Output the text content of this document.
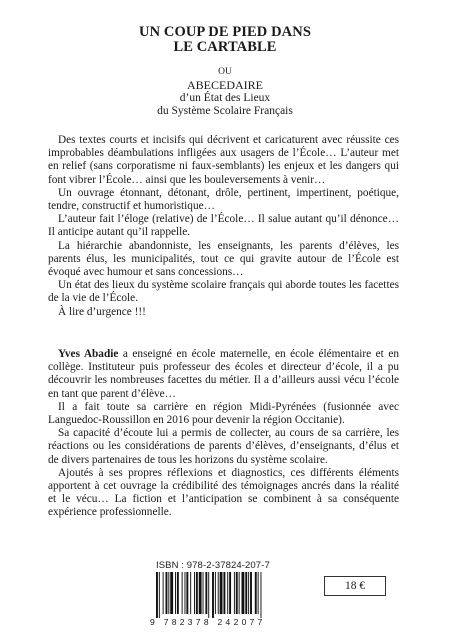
UN COUP DE PIED DANS
LE CARTABLE
OU
ABECEDAIRE
d’un État des Lieux
du Système Scolaire Français

Des textes courts et incisifs qui décrivent et caricaturent avec réussite ces improbables déambulations infligées aux usagers de l’École… L’auteur met en relief (sans corporatisme ni faux-semblants) les enjeux et les dangers qui font vibrer l’École… ainsi que les bouleversements à venir…

Un ouvrage étonnant, détonant, drôle, pertinent, impertinent, poétique, tendre, constructif et humoristique…

L’auteur fait l’éloge (relative) de l’École… Il salue autant qu’il dénonce… Il anticipe autant qu’il rappelle.

La hiérarchie abandonniste, les enseignants, les parents d’élèves, les parents élus, les municipalités, tout ce qui gravite autour de l’École est évoqué avec humour et sans concessions…

Un état des lieux du système scolaire français qui aborde toutes les facettes de la vie de l’École.

À lire d’urgence !!!

Yves Abadie a enseigné en école maternelle, en école élémentaire et en collège. Instituteur puis professeur des écoles et directeur d’école, il a pu découvrir les nombreuses facettes du métier. Il a d’ailleurs aussi vécu l’école en tant que parent d’élève…

Il a fait toute sa carrière en région Midi-Pyrénées (fusionnée avec Languedoc-Roussillon en 2016 pour devenir la région Occitanie).

Sa capacité d’écoute lui a permis de collecter, au cours de sa carrière, les réactions ou les considérations de parents d’élèves, d’enseignants, d’élus et de divers partenaires de tous les horizons du système scolaire.

Ajoutés à ses propres réflexions et diagnostics, ces différents éléments apportent à cet ouvrage la crédibilité des témoignages ancrés dans la réalité et le vécu… La fiction et l’anticipation se combinent à sa conséquente expérience professionnelle.

ISBN : 978-2-37824-207-7
9 782378 242077
18 €
